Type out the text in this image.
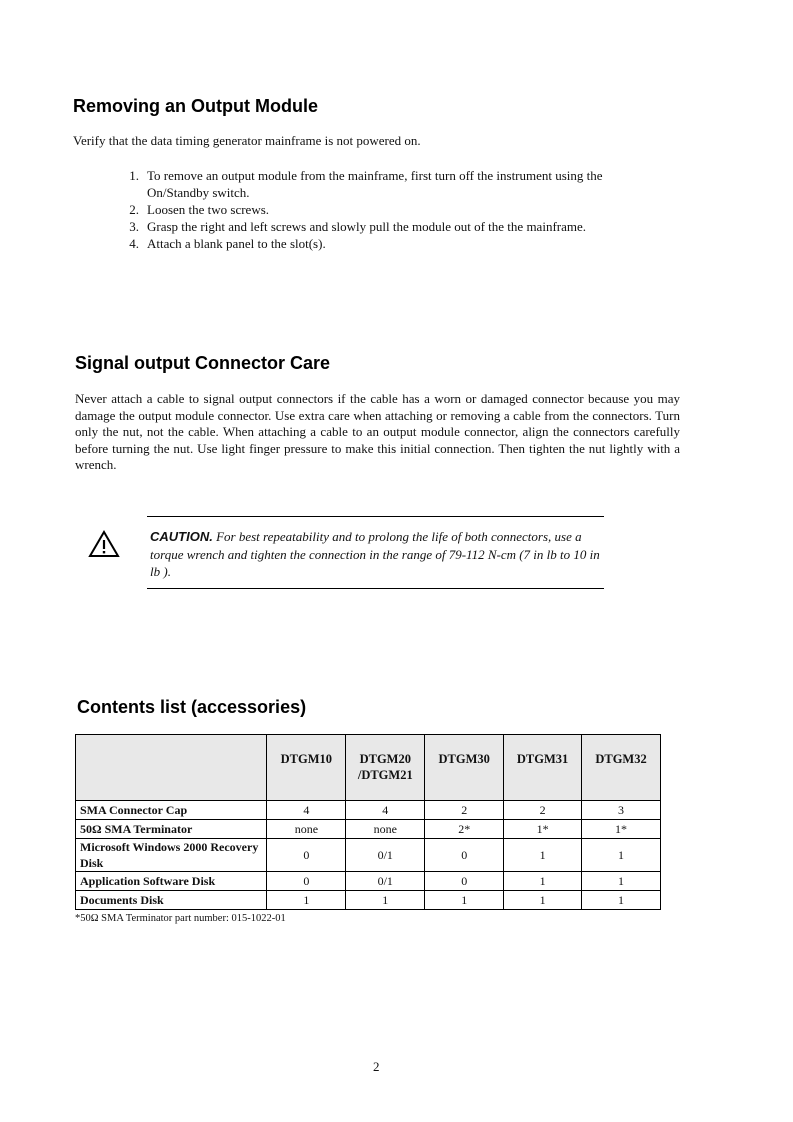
Removing an Output Module

Verify that the data timing generator mainframe is not powered on.

1. To remove an output module from the mainframe, first turn off the instrument using the On/Standby switch.
2. Loosen the two screws.
3. Grasp the right and left screws and slowly pull the module out of the the mainframe.
4. Attach a blank panel to the slot(s).
Signal output Connector Care

Never attach a cable to signal output connectors if the cable has a worn or damaged connector because you may damage the output module connector. Use extra care when attaching or removing a cable from the connectors. Turn only the nut, not the cable. When attaching a cable to an output module connector, align the connectors carefully before turning the nut. Use light finger pressure to make this initial connection. Then tighten the nut lightly with a wrench.

CAUTION. For best repeatability and to prolong the life of both connectors, use a torque wrench and tighten the connection in the range of 79-112 N-cm (7 in lb to 10 in lb ).
Contents list (accessories)
	DTGM10	DTGM20 /DTGM21	DTGM30	DTGM31	DTGM32
SMA Connector Cap	4	4	2	2	3
50Ω SMA Terminator	none	none	2*	1*	1*
Microsoft Windows 2000 Recovery Disk	0	0/1	0	1	1
Application Software Disk	0	0/1	0	1	1
Documents Disk	1	1	1	1	1
*50Ω SMA Terminator part number: 015-1022-01
2
